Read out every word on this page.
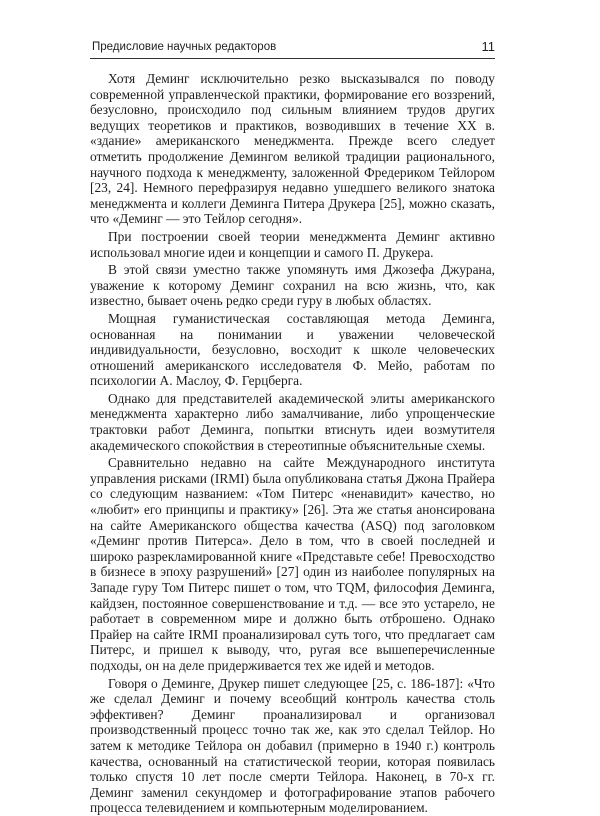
Предисловие научных редакторов	11

Хотя Деминг исключительно резко высказывался по поводу современной управленческой практики, формирование его воззрений, безусловно, происходило под сильным влиянием трудов других ведущих теоретиков и практиков, возводивших в течение XX в. «здание» американского менеджмента. Прежде всего следует отметить продолжение Демингом великой традиции рационального, научного подхода к менеджменту, заложенной Фредериком Тейлором [23, 24]. Немного перефразируя недавно ушедшего великого знатока менеджмента и коллеги Деминга Питера Друкера [25], можно сказать, что «Деминг — это Тейлор сегодня».

При построении своей теории менеджмента Деминг активно использовал многие идеи и концепции и самого П. Друкера.

В этой связи уместно также упомянуть имя Джозефа Джурана, уважение к которому Деминг сохранил на всю жизнь, что, как известно, бывает очень редко среди гуру в любых областях.

Мощная гуманистическая составляющая метода Деминга, основанная на понимании и уважении человеческой индивидуальности, безусловно, восходит к школе человеческих отношений американского исследователя Ф. Мейо, работам по психологии А. Маслоу, Ф. Герцберга.

Однако для представителей академической элиты американского менеджмента характерно либо замалчивание, либо упрощенческие трактовки работ Деминга, попытки втиснуть идеи возмутителя академического спокойствия в стереотипные объяснительные схемы.

Сравнительно недавно на сайте Международного института управления рисками (IRMI) была опубликована статья Джона Прайера со следующим названием: «Том Питерс «ненавидит» качество, но «любит» его принципы и практику» [26]. Эта же статья анонсирована на сайте Американского общества качества (ASQ) под заголовком «Деминг против Питерса». Дело в том, что в своей последней и широко разрекламированной книге «Представьте себе! Превосходство в бизнесе в эпоху разрушений» [27] один из наиболее популярных на Западе гуру Том Питерс пишет о том, что TQM, философия Деминга, кайдзен, постоянное совершенствование и т.д. — все это устарело, не работает в современном мире и должно быть отброшено. Однако Прайер на сайте IRMI проанализировал суть того, что предлагает сам Питерс, и пришел к выводу, что, ругая все вышеперечисленные подходы, он на деле придерживается тех же идей и методов.

Говоря о Деминге, Друкер пишет следующее [25, с. 186-187]: «Что же сделал Деминг и почему всеобщий контроль качества столь эффективен? Деминг проанализировал и организовал производственный процесс точно так же, как это сделал Тейлор. Но затем к методике Тейлора он добавил (примерно в 1940 г.) контроль качества, основанный на статистической теории, которая появилась только спустя 10 лет после смерти Тейлора. Наконец, в 70-х гг. Деминг заменил секундомер и фотографирование этапов рабочего процесса телевидением и компьютерным моделированием.
